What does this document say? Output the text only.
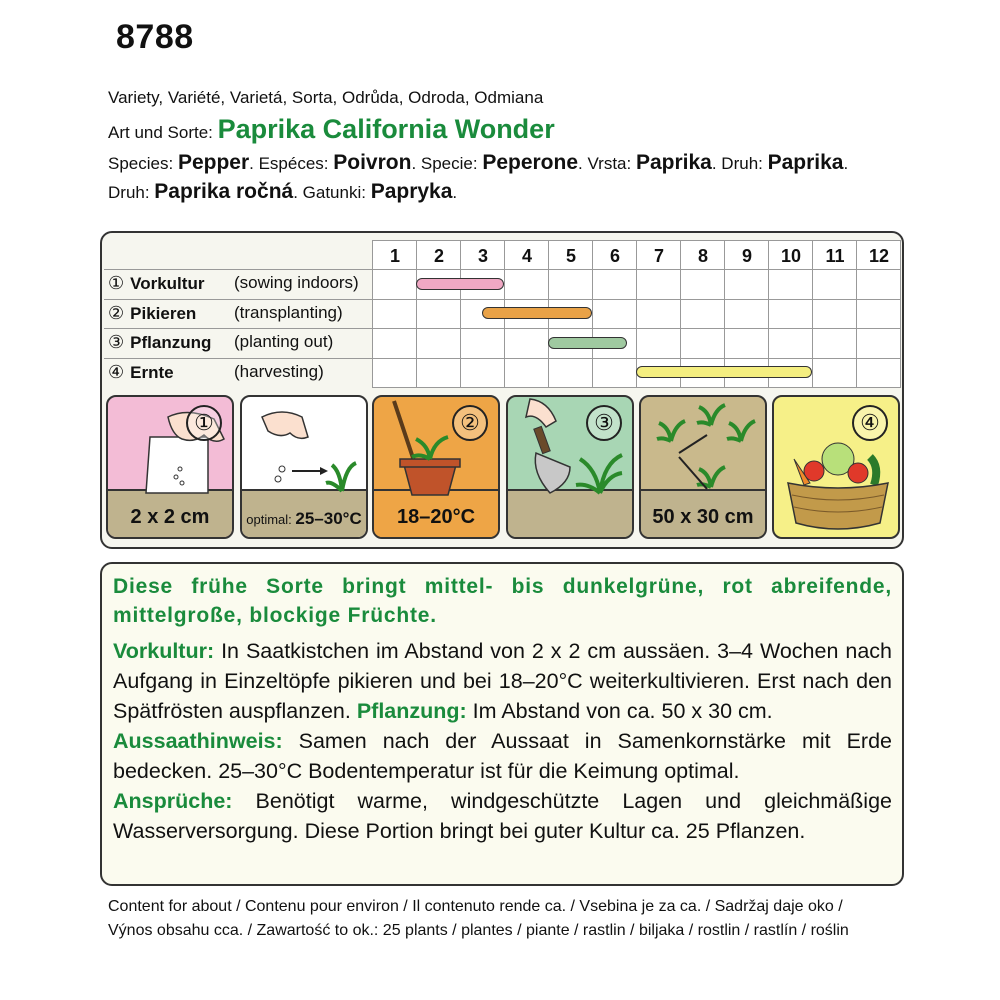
8788
Variety, Variété, Varietá, Sorta, Odrůda, Odroda, Odmiana
Art und Sorte: Paprika California Wonder
Species: Pepper. Espéces: Poivron. Specie: Peperone. Vrsta: Paprika. Druh: Paprika.
Druh: Paprika ročná. Gatunki: Papryka.
1	2	3	4	5	6	7	8	9	10	11	12
① Vorkultur (sowing indoors)
② Pikieren (transplanting)
③ Pflanzung (planting out)
④ Ernte	(harvesting)
①
2 x 2 cm	optimal: 25–30°C
②
18–20°C
③
50 x 30 cm
④
Diese frühe Sorte bringt mittel- bis dunkelgrüne, rot abreifende, mittelgroße, blockige Früchte.
Vorkultur: In Saatkistchen im Abstand von 2 x 2 cm aussäen. 3–4 Wochen nach Aufgang in Einzeltöpfe pikieren und bei 18–20°C weiterkultivieren. Erst nach den Spätfrösten auspflanzen. Pflanzung: Im Abstand von ca. 50 x 30 cm.
Aussaathinweis: Samen nach der Aussaat in Samenkornstärke mit Erde bedecken. 25–30°C Bodentemperatur ist für die Keimung optimal.
Ansprüche: Benötigt warme, windgeschützte Lagen und gleichmäßige Wasserversorgung. Diese Portion bringt bei guter Kultur ca. 25 Pflanzen.
Content for about / Contenu pour environ / Il contenuto rende ca. / Vsebina je za ca. / Sadržaj daje oko /
Výnos obsahu cca. / Zawartość to ok.: 25 plants / plantes / piante / rastlin / biljaka / rostlin / rastlín / roślin
